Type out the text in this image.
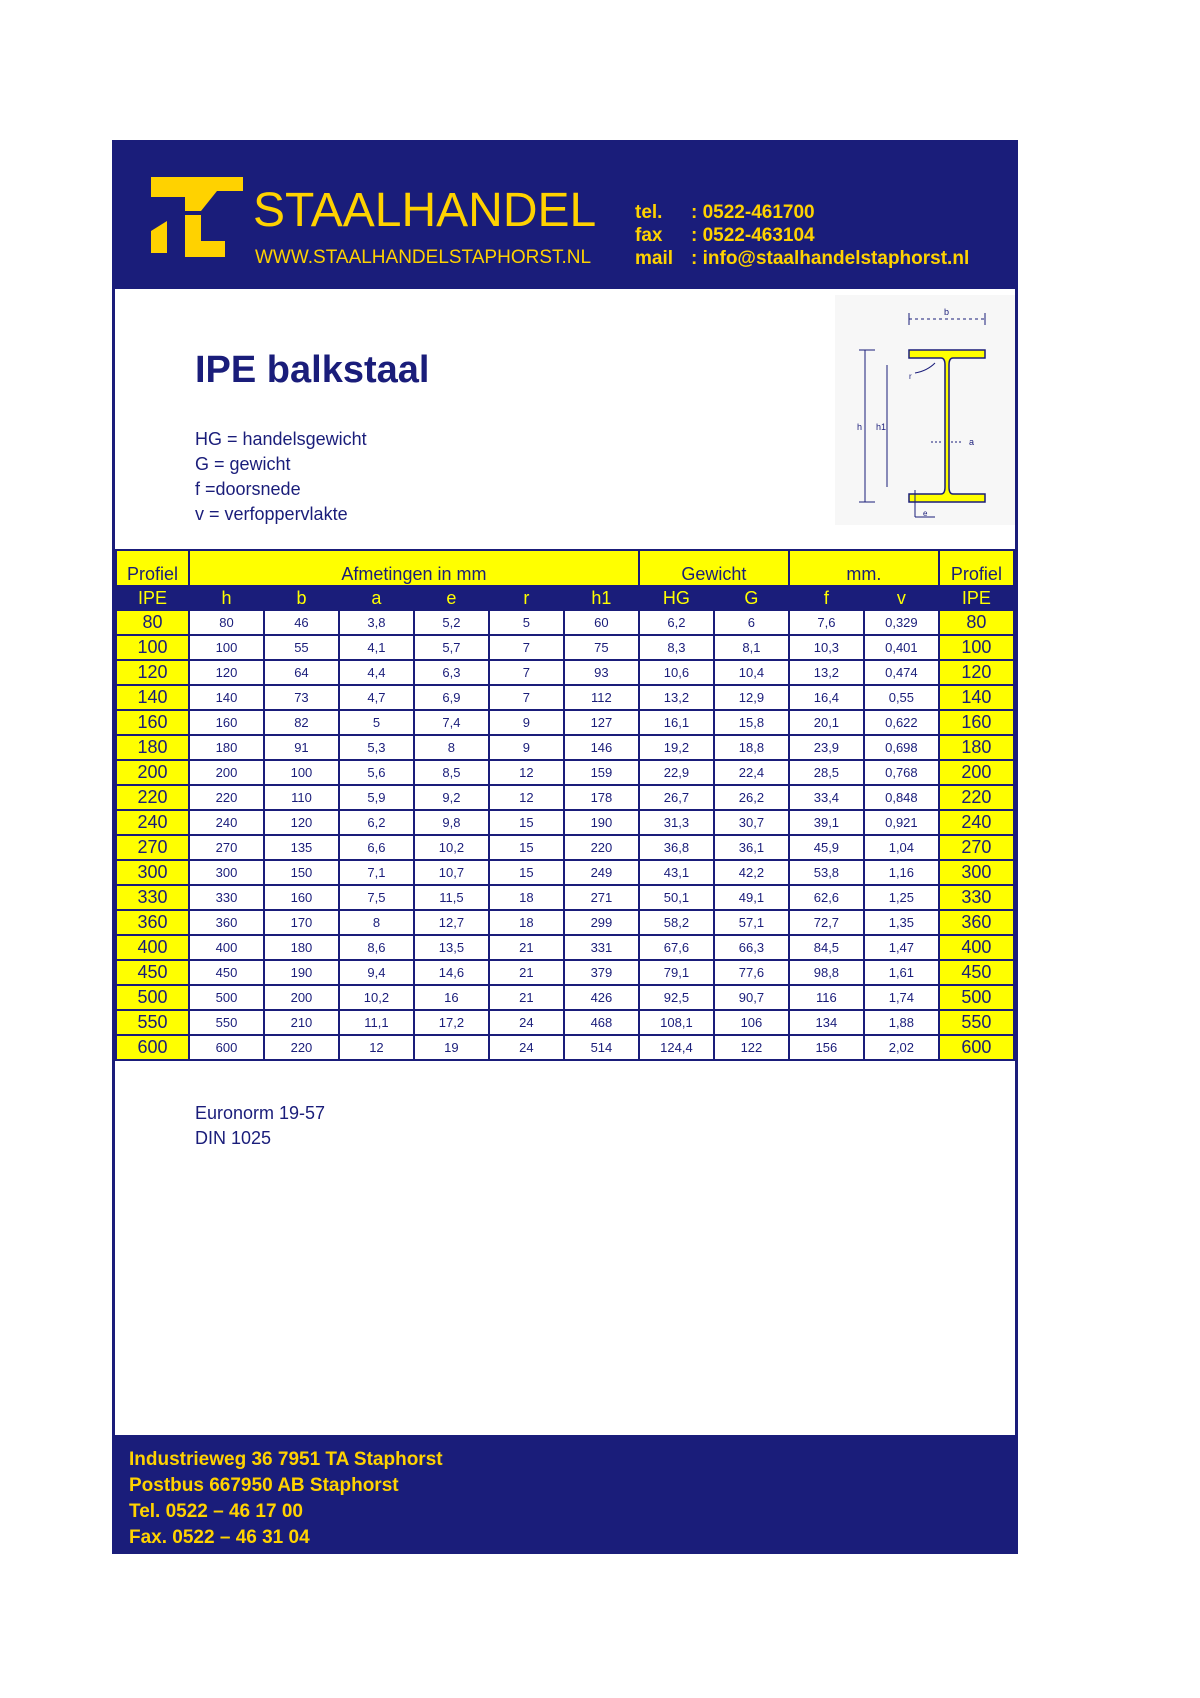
STAALHANDEL
WWW.STAALHANDELSTAPHORST.NL
tel.	: 0522-461700
fax	: 0522-463104
mail : info@staalhandelstaphorst.nl
IPE balkstaal
HG = handelsgewicht
G = gewicht
f =doorsnede
v = verfoppervlakte
b
h h1
a
r
e
Profiel	Afmetingen in mm						Gewicht		mm.		Profiel
IPE	h	b	a	e	r	h1	HG	G	f	v	IPE
80	80	46	3,8	5,2	5	60	6,2	6	7,6	0,329	80
100	100	55	4,1	5,7	7	75	8,3	8,1	10,3	0,401	100
120	120	64	4,4	6,3	7	93	10,6	10,4	13,2	0,474	120
140	140	73	4,7	6,9	7	112	13,2	12,9	16,4	0,55	140
160	160	82	5	7,4	9	127	16,1	15,8	20,1	0,622	160
180	180	91	5,3	8	9	146	19,2	18,8	23,9	0,698	180
200	200	100	5,6	8,5	12	159	22,9	22,4	28,5	0,768	200
220	220	110	5,9	9,2	12	178	26,7	26,2	33,4	0,848	220
240	240	120	6,2	9,8	15	190	31,3	30,7	39,1	0,921	240
270	270	135	6,6	10,2	15	220	36,8	36,1	45,9	1,04	270
300	300	150	7,1	10,7	15	249	43,1	42,2	53,8	1,16	300
330	330	160	7,5	11,5	18	271	50,1	49,1	62,6	1,25	330
360	360	170	8	12,7	18	299	58,2	57,1	72,7	1,35	360
400	400	180	8,6	13,5	21	331	67,6	66,3	84,5	1,47	400
450	450	190	9,4	14,6	21	379	79,1	77,6	98,8	1,61	450
500	500	200	10,2	16	21	426	92,5	90,7	116	1,74	500
550	550	210	11,1	17,2	24	468	108,1	106	134	1,88	550
600	600	220	12	19	24	514	124,4	122	156	2,02	600
Euronorm 19-57
DIN 1025
Industrieweg 36 7951 TA Staphorst
Postbus 667950 AB Staphorst
Tel. 0522 – 46 17 00
Fax. 0522 – 46 31 04
